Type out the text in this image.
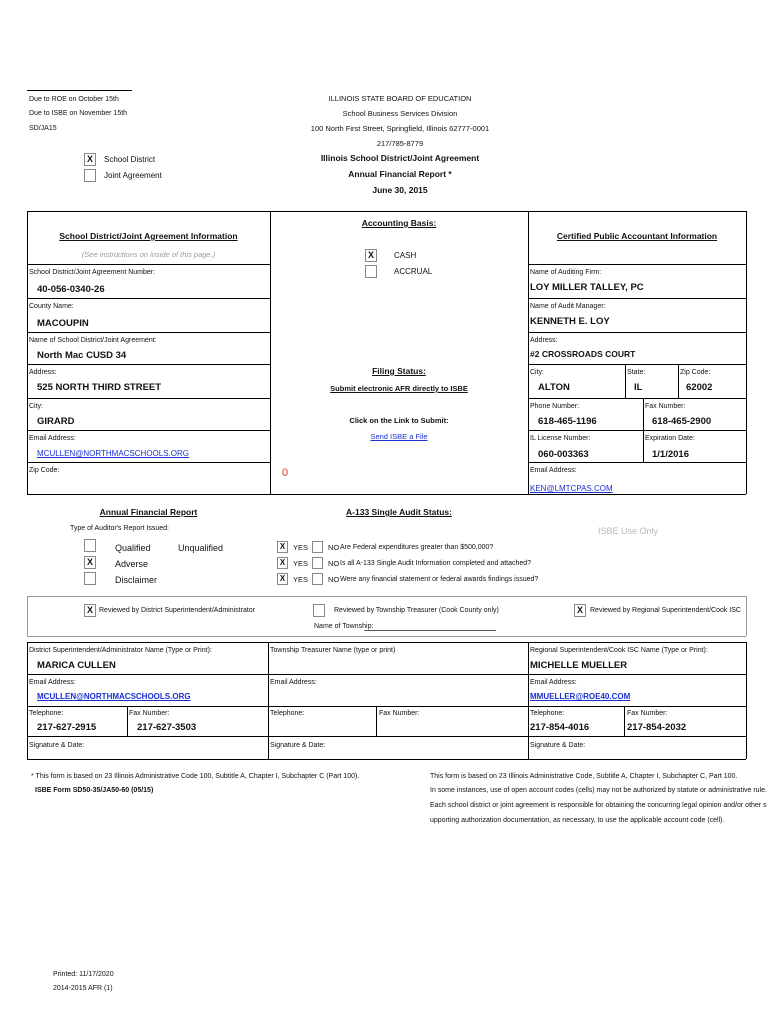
Due to ROE on October 15th
Due to ISBE on November 15th
SD/JA15
ILLINOIS STATE BOARD OF EDUCATION
School Business Services Division
100 North First Street, Springfield, Illinois 62777-0001
217/785-8779
Illinois School District/Joint Agreement
Annual Financial Report *
June 30, 2015
X	School District
Joint Agreement
School District/Joint Agreement Information
(See instructions on inside of this page.)
School District/Joint Agreement Number:
40-056-0340-26
County Name:
MACOUPIN
Name of School District/Joint Agreement:
North Mac CUSD 34
Address:
525 NORTH THIRD STREET
City:
GIRARD
Email Address:
MCULLEN@NORTHMACSCHOOLS.ORG
Zip Code:
Accounting Basis:
X	CASH
ACCRUAL
Filing Status:
Submit electronic AFR directly to ISBE
Click on the Link to Submit:
Send ISBE a File
0
Certified Public Accountant Information
Name of Auditing Firm:
LOY MILLER TALLEY, PC
Name of Audit Manager:
KENNETH E. LOY
Address:
#2 CROSSROADS COURT
City:
ALTON
State:
IL
Zip Code:
62002
Phone Number:
618-465-1196
Fax Number:
618-465-2900
IL License Number:
060-003363
Expiration Date:
1/1/2016
Email Address:
KEN@LMTCPAS.COM
Annual Financial Report
Type of Auditor's Report Issued:
Qualified	Unqualified
X	Adverse
Disclaimer
A-133 Single Audit Status:
X	YES	NO Are Federal expenditures greater than $500,000?
X	YES	NO Is all A-133 Single Audit Information completed and attached?
X	YES	NO Were any financial statement or federal awards findings issued?
ISBE Use Only
X Reviewed by District Superintendent/Administrator	Reviewed by Township Treasurer (Cook County only)
Name of Township:
X	Reviewed by Regional Superintendent/Cook ISC
District Superintendent/Administrator Name (Type or Print):
MARICA CULLEN
Email Address:
MCULLEN@NORTHMACSCHOOLS.ORG
Telephone:
217-627-2915
Fax Number:
217-627-3503
Signature & Date:
Township Treasurer Name (type or print)
Email Address:
Telephone:	Fax Number:
Signature & Date:
Regional Superintendent/Cook ISC Name (Type or Print):
MICHELLE MUELLER
Email Address:
MMUELLER@ROE40.COM
Telephone:
217-854-4016
Fax Number:
217-854-2032
Signature & Date:
* This form is based on 23 Illinois Administrative Code 100, Subtitle A, Chapter I, Subchapter C (Part 100).
ISBE Form SD50-35/JA50-60 (05/15)
This form is based on 23 Illinois Administrative Code, Subtitle A, Chapter I, Subchapter C, Part 100.
In some instances, use of open account codes (cells) may not be authorized by statute or administrative rule.
Each school district or joint agreement is responsible for obtaining the concurring legal opinion and/or other s
upporting authorization documentation, as necessary, to use the applicable account code (cell).
Printed: 11/17/2020
2014-2015 AFR (1)
